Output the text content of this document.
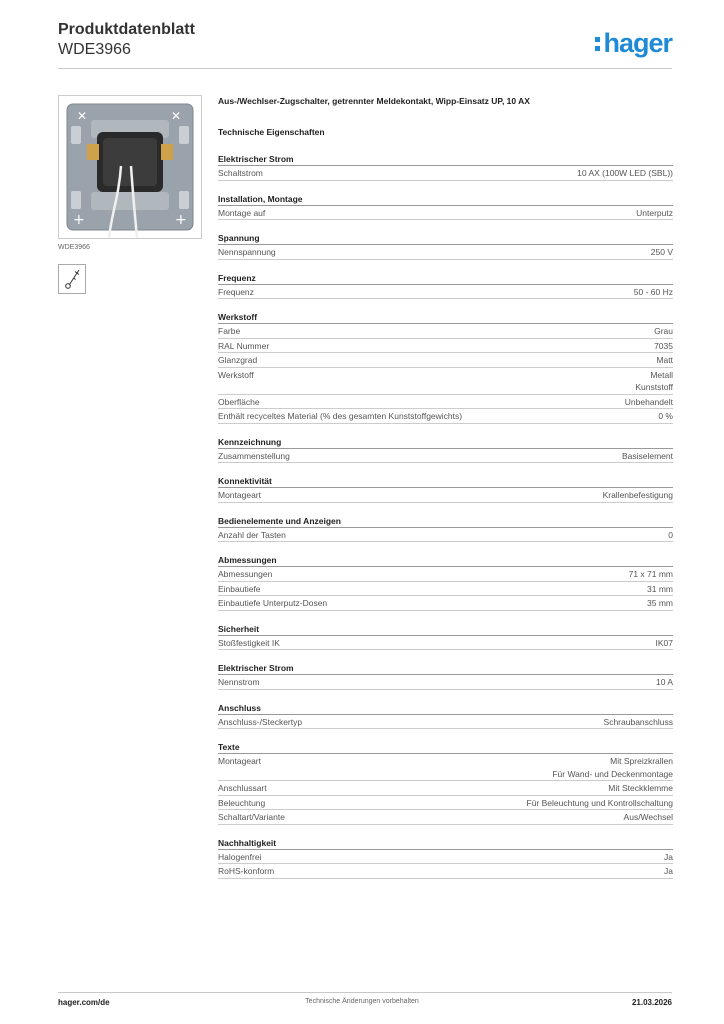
Produktdatenblatt
WDE3966	hager
✕	✕
+	+
WDE3966
Aus-/Wechlser-Zugschalter, getrennter Meldekontakt, Wipp-Einsatz UP, 10 AX
Technische Eigenschaften
Elektrischer Strom
Schaltstrom	10 AX (100W LED (SBL))
Installation, Montage
Montage auf	Unterputz
Spannung
Nennspannung	250 V
Frequenz
Frequenz	50 - 60 Hz
Werkstoff
Farbe	Grau
RAL Nummer	7035
Glanzgrad	Matt
Werkstoff	Metall
Kunststoff
Oberfläche	Unbehandelt
Enthält recyceltes Material (% des gesamten Kunststoffgewichts)	0 %
Kennzeichnung
Zusammenstellung	Basiselement
Konnektivität
Montageart	Krallenbefestigung
Bedienelemente und Anzeigen
Anzahl der Tasten	0
Abmessungen
Abmessungen	71 x 71 mm
Einbautiefe	31 mm
Einbautiefe Unterputz-Dosen	35 mm
Sicherheit
Stoßfestigkeit IK	IK07
Elektrischer Strom
Nennstrom	10 A
Anschluss
Anschluss-/Steckertyp	Schraubanschluss
Texte
Montageart	Mit Spreizkrallen
Für Wand- und Deckenmontage
Anschlussart	Mit Steckklemme
Beleuchtung	Für Beleuchtung und Kontrollschaltung
Schaltart/Variante	Aus/Wechsel
Nachhaltigkeit
Halogenfrei	Ja
RoHS-konform	Ja
hager.com/de	Technische Änderungen vorbehalten	21.03.2026
